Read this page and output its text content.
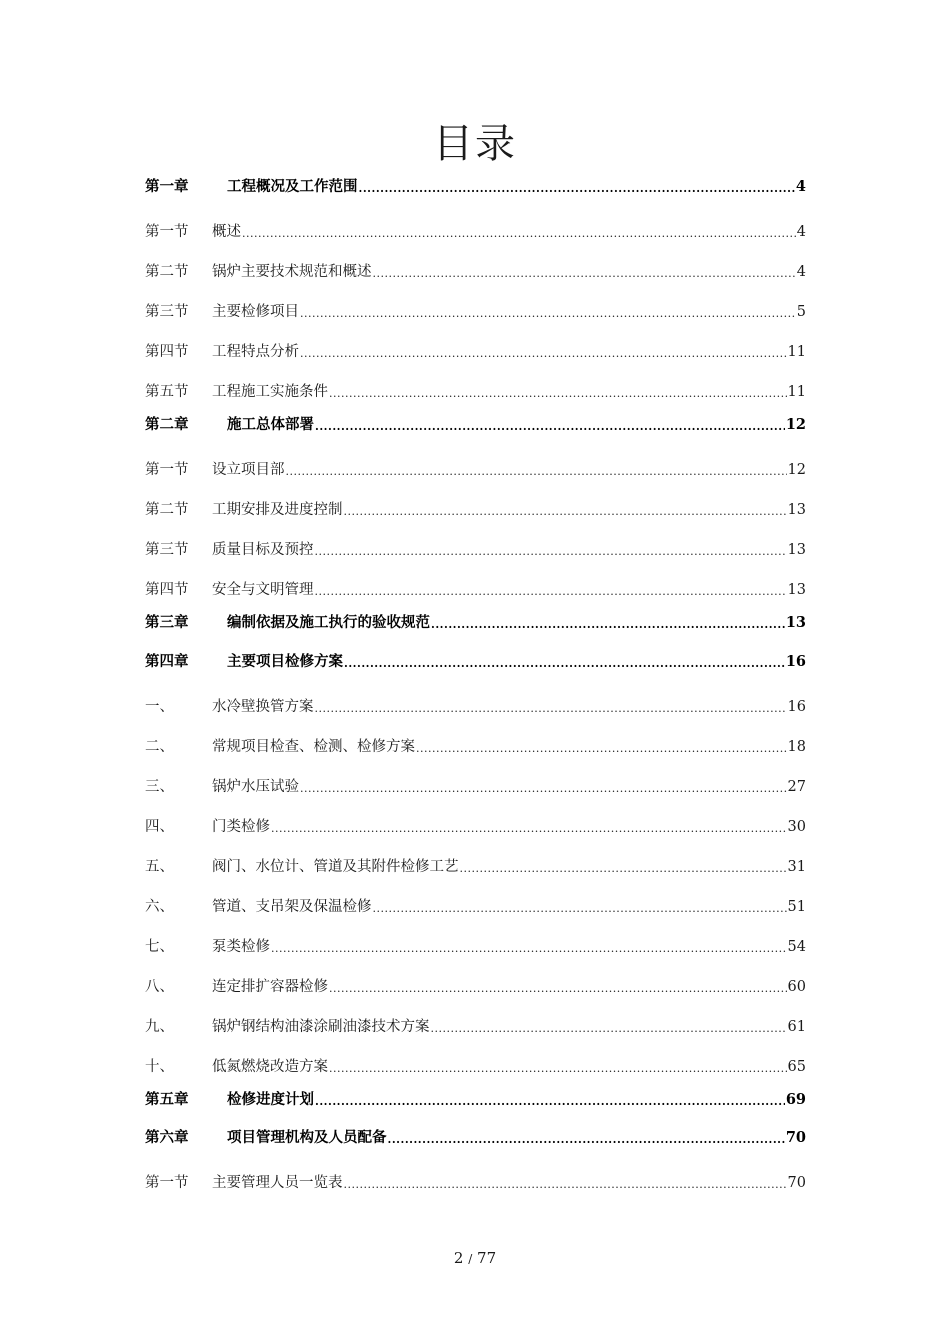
目录
第一章	工程概况及工作范围 .....	4
第一节	概述 .....	4
第二节	锅炉主要技术规范和概述 .....	4
第三节	主要检修项目 .....	5
第四节	工程特点分析 .....	11
第五节	工程施工实施条件 .....	11
第二章	施工总体部署 .....	12
第一节	设立项目部 .....	12
第二节	工期安排及进度控制 .....	13
第三节	质量目标及预控 .....	13
第四节	安全与文明管理 .....	13
第三章	编制依据及施工执行的验收规范 .....	13
第四章	主要项目检修方案 .....	16
一、	水冷壁换管方案 .....	16
二、	常规项目检查、检测、检修方案 .....	18
三、	锅炉水压试验 .....	27
四、	门类检修 .....	30
五、	阀门、水位计、管道及其附件检修工艺 .....	31
六、	管道、支吊架及保温检修 .....	51
七、	泵类检修 .....	54
八、	连定排扩容器检修 .....	60
九、	锅炉钢结构油漆涂刷油漆技术方案 .....	61
十、	低氮燃烧改造方案 .....	65
第五章	检修进度计划 .....	69
第六章	项目管理机构及人员配备 .....	70
第一节	主要管理人员一览表 .....	70
2 / 77
